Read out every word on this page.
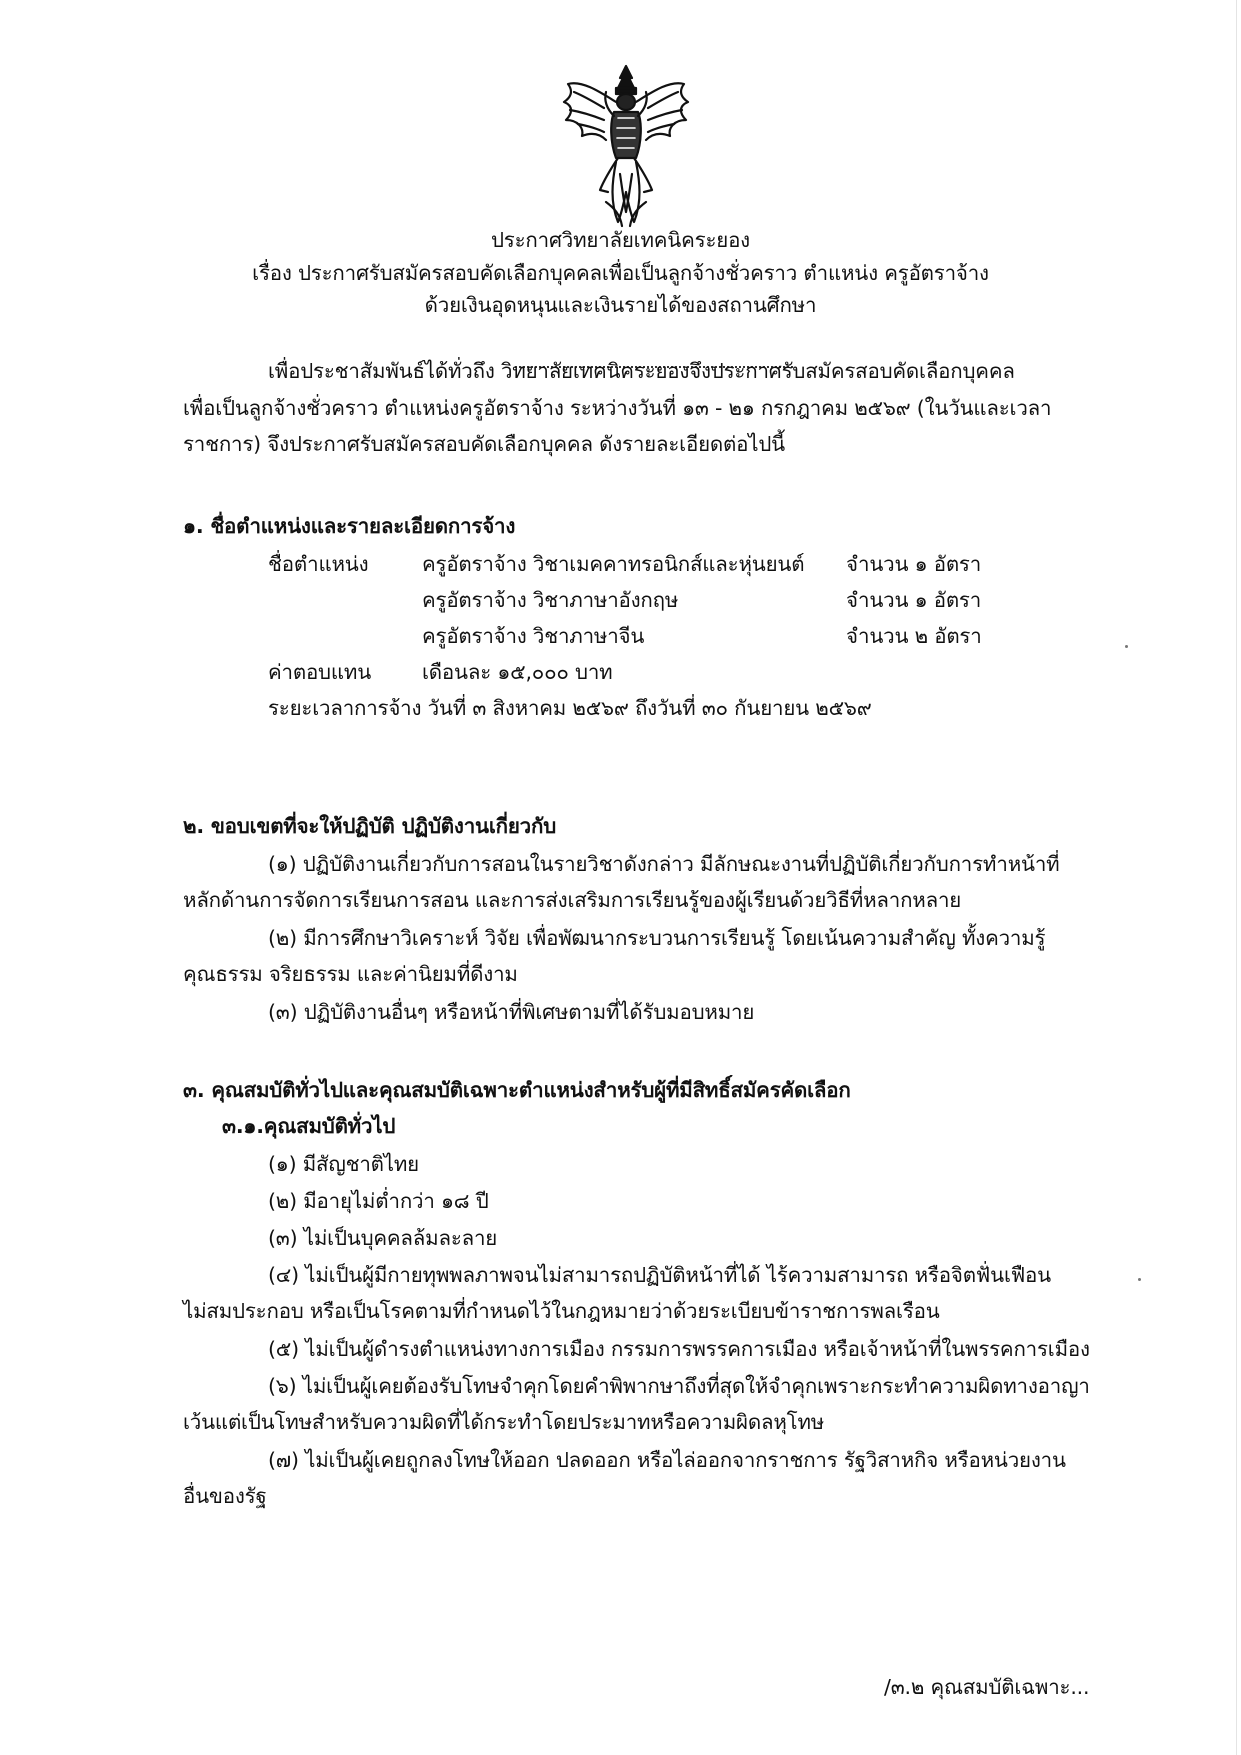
ประกาศวิทยาลัยเทคนิคระยอง
เรื่อง ประกาศรับสมัครสอบคัดเลือกบุคคลเพื่อเป็นลูกจ้างชั่วคราว ตำแหน่ง ครูอัตราจ้าง
ด้วยเงินอุดหนุนและเงินรายได้ของสถานศึกษา
เพื่อประชาสัมพันธ์ได้ทั่วถึง วิทยาลัยเทคนิคระยองจึงประกาศรับสมัครสอบคัดเลือกบุคคล
เพื่อเป็นลูกจ้างชั่วคราว ตำแหน่งครูอัตราจ้าง ระหว่างวันที่ ๑๓ - ๒๑ กรกฎาคม ๒๕๖๙ (ในวันและเวลา
ราชการ) จึงประกาศรับสมัครสอบคัดเลือกบุคคล ดังรายละเอียดต่อไปนี้
๑. ชื่อตำแหน่งและรายละเอียดการจ้าง
ชื่อตำแหน่ง	ครูอัตราจ้าง วิชาเมคคาทรอนิกส์และหุ่นยนต์ จำนวน ๑ อัตรา
ครูอัตราจ้าง วิชาภาษาอังกฤษ	จำนวน ๑ อัตรา
ครูอัตราจ้าง วิชาภาษาจีน	จำนวน ๒ อัตรา
ค่าตอบแทน เดือนละ ๑๕,๐๐๐ บาท
ระยะเวลาการจ้าง วันที่ ๓ สิงหาคม ๒๕๖๙ ถึงวันที่ ๓๐ กันยายน ๒๕๖๙
๒. ขอบเขตที่จะให้ปฏิบัติ ปฏิบัติงานเกี่ยวกับ
(๑) ปฏิบัติงานเกี่ยวกับการสอนในรายวิชาดังกล่าว มีลักษณะงานที่ปฏิบัติเกี่ยวกับการทำหน้าที่
หลักด้านการจัดการเรียนการสอน และการส่งเสริมการเรียนรู้ของผู้เรียนด้วยวิธีที่หลากหลาย
(๒) มีการศึกษาวิเคราะห์ วิจัย เพื่อพัฒนากระบวนการเรียนรู้ โดยเน้นความสำคัญ ทั้งความรู้
คุณธรรม จริยธรรม และค่านิยมที่ดีงาม
(๓) ปฏิบัติงานอื่นๆ หรือหน้าที่พิเศษตามที่ได้รับมอบหมาย
๓. คุณสมบัติทั่วไปและคุณสมบัติเฉพาะตำแหน่งสำหรับผู้ที่มีสิทธิ์สมัครคัดเลือก
๓.๑.คุณสมบัติทั่วไป
(๑) มีสัญชาติไทย
(๒) มีอายุไม่ต่ำกว่า ๑๘ ปี
(๓) ไม่เป็นบุคคลล้มละลาย
(๔) ไม่เป็นผู้มีกายทุพพลภาพจนไม่สามารถปฏิบัติหน้าที่ได้ ไร้ความสามารถ หรือจิตฟั่นเฟือน
ไม่สมประกอบ หรือเป็นโรคตามที่กำหนดไว้ในกฎหมายว่าด้วยระเบียบข้าราชการพลเรือน
(๕) ไม่เป็นผู้ดำรงตำแหน่งทางการเมือง กรรมการพรรคการเมือง หรือเจ้าหน้าที่ในพรรคการเมือง
(๖) ไม่เป็นผู้เคยต้องรับโทษจำคุกโดยคำพิพากษาถึงที่สุดให้จำคุกเพราะกระทำความผิดทางอาญา
เว้นแต่เป็นโทษสำหรับความผิดที่ได้กระทำโดยประมาทหรือความผิดลหุโทษ
(๗) ไม่เป็นผู้เคยถูกลงโทษให้ออก ปลดออก หรือไล่ออกจากราชการ รัฐวิสาหกิจ หรือหน่วยงาน
อื่นของรัฐ
/๓.๒ คุณสมบัติเฉพาะ...
